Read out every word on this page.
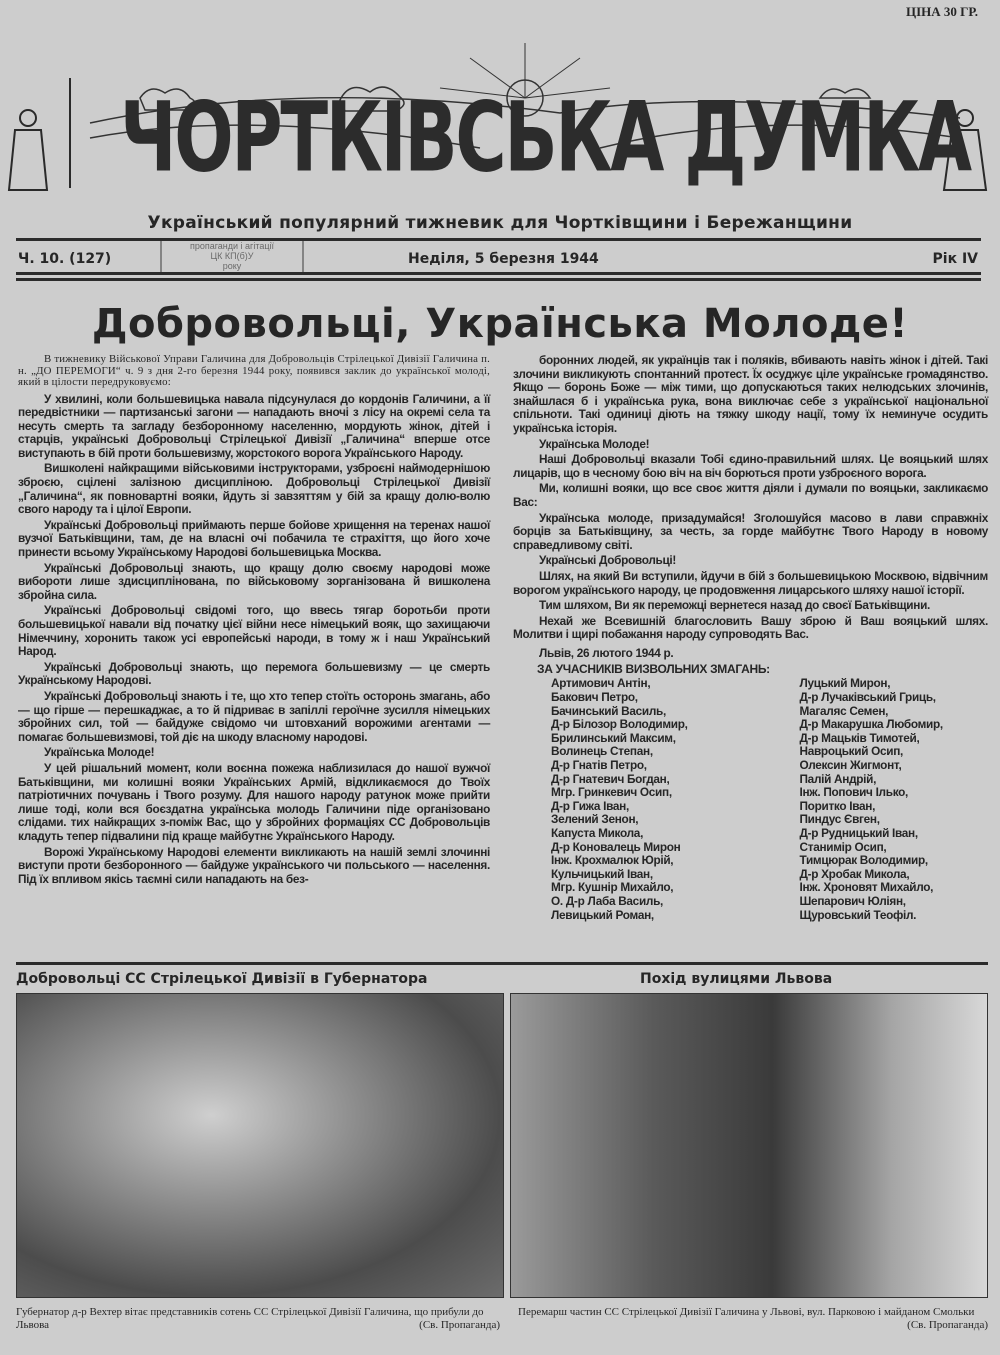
ЦІНА 30 ГР.
ЧОРТКІВСЬКА ДУМКА
Український популярний тижневик для Чортківщини і Бережанщини
Ч. 10. (127)	Неділя, 5 березня 1944	Рік IV
пропаганди і агітації
ЦК КП(б)У
року
Добровольці, Українська Молоде!

В тижневику Військової Управи Галичина для Добровольців Стрілецької Дивізії Галичина п. н. „ДО ПЕРЕМОГИ“ ч. 9 з дня 2-го березня 1944 року, появився заклик до української молоді, який в цілости передруковуємо:

У хвилині, коли большевицька навала підсунулася до кордонів Галичини, а її передвістники — партизанські загони — нападають вночі з лісу на окремі села та несуть смерть та загладу безборонному населенню, мордують жінок, дітей і старців, українські Добровольці Стрілецької Дивізії „Галичина“ вперше отсе виступають в бій проти большевизму, жорстокого ворога Українського Народу.

Вишколені найкращими військовими інструкторами, узброєні наймодернішою зброєю, сцілені залізною дисципліною. Добровольці Стрілецької Дивізії „Галичина“, як повновартні вояки, йдуть зі завзяттям у бій за кращу долю-волю свого народу та і цілої Европи.

Українські Добровольці приймають перше бойове хрищення на теренах нашої вузчої Батьківщини, там, де на власні очі побачила те страхіття, що його хоче принести всьому Українському Народові большевицька Москва.

Українські Добровольці знають, що кращу долю своєму народові може вибороти лише здисциплінована, по військовому зорганізована й вишколена збройна сила.

Українські Добровольці свідомі того, що ввесь тягар боротьби проти большевицької навали від початку цієї війни несе німецький вояк, що захищаючи Німеччину, хоронить також усі европейські народи, в тому ж і наш Український Народ.

Українські Добровольці знають, що перемога большевизму — це смерть Українському Народові.

Українські Добровольці знають і те, що хто тепер стоїть осторонь змагань, або — що гірше — перешкаджає, а то й підриває в запіллі героїчне зусилля німецьких збройних сил, той — байдуже свідомо чи штовханий ворожими агентами — помагає большевизмові, той діє на шкоду власному народові.

Українська Молоде!

У цей рішальний момент, коли воєнна пожежа наблизилася до нашої вужчої Батьківщини, ми колишні вояки Українських Армій, відкликаємося до Твоїх патріотичних почувань і Твого розуму. Для нашого народу ратунок може прийти лише тоді, коли вся боєздатна українська молодь Галичини піде організовано слідами. тих найкращих з-поміж Вас, що у збройних формаціях СС Добровольців кладуть тепер підвалини під краще майбутнє Українського Народу.

Ворожі Українському Народові елементи викликають на нашій землі злочинні виступи проти безборонного — байдуже українського чи польського — населення. Під їх впливом якісь таємні сили нападають на без-

боронних людей, як українців так і поляків, вбивають навіть жінок і дітей. Такі злочини викликують спонтанний протест. Їх осуджує ціле українське громадянство. Якщо — боронь Боже — між тими, що допускаються таких нелюдських злочинів, знайшлася б і українська рука, вона виключає себе з української національної спільноти. Такі одиниці діють на тяжку шкоду нації, тому їх неминуче осудить українська історія.

Українська Молоде!

Наші Добровольці вказали Тобі єдино-правильний шлях. Це вояцький шлях лицарів, що в чесному бою віч на віч борються проти узброєного ворога.

Ми, колишні вояки, що все своє життя діяли і думали по вояцьки, закликаємо Вас:

Українська молоде, призадумайся! Зголошуйся масово в лави справжніх борців за Батьківщину, за честь, за горде майбутнє Твого Народу в новому справедливому світі.

Українські Добровольці!

Шлях, на який Ви вступили, йдучи в бій з большевицькою Москвою, відвічним ворогом українського народу, це продовження лицарського шляху нашої історії.

Тим шляхом, Ви як переможці вернетеся назад до своєї Батьківщини.

Нехай же Всевишній благословить Вашу зброю й Ваш вояцький шлях. Молитви і щирі побажання народу супроводять Вас.

Львів, 26 лютого 1944 р.
ЗА УЧАСНИКІВ ВИЗВОЛЬНИХ ЗМАГАНЬ:
Артимович Антін,
Бакович Петро,
Бачинський Василь,
Д-р Білозор Володимир,
Брилинський Максим,
Волинець Степан,
Д-р Гнатів Петро,
Д-р Гнатевич Богдан,
Мгр. Гринкевич Осип,
Д-р Гижа Іван,
Зелений Зенон,
Капуста Микола,
Д-р Коновалець Мирон
Інж. Крохмалюк Юрій,
Кульчицький Іван,
Мгр. Кушнір Михайло,
О. Д-р Лаба Василь,
Левицький Роман,
Луцький Мирон,
Д-р Лучаківський Гриць,
Магаляс Семен,
Д-р Макарушка Любомир,
Д-р Мацьків Тимотей,
Навроцький Осип,
Олексин Жигмонт,
Палій Андрій,
Інж. Попович Ілько,
Поритко Іван,
Пиндус Євген,
Д-р Рудницький Іван,
Станимір Осип,
Тимцюрак Володимир,
Д-р Хробак Микола,
Інж. Хроновят Михайло,
Шепарович Юліян,
Щуровський Теофіл.
Добровольці СС Стрілецької Дивізії в Губернатора	Похід вулицями Львова
Губернатор д-р Вехтер вітає представників сотень СС Стрілецької Дивізії Галичина, що прибули до Львова	(Св. Пропаганда)
Перемарш частин СС Стрілецької Дивізії Галичина у Львові, вул. Парковою і майданом Смольки
(Св. Пропаганда)
